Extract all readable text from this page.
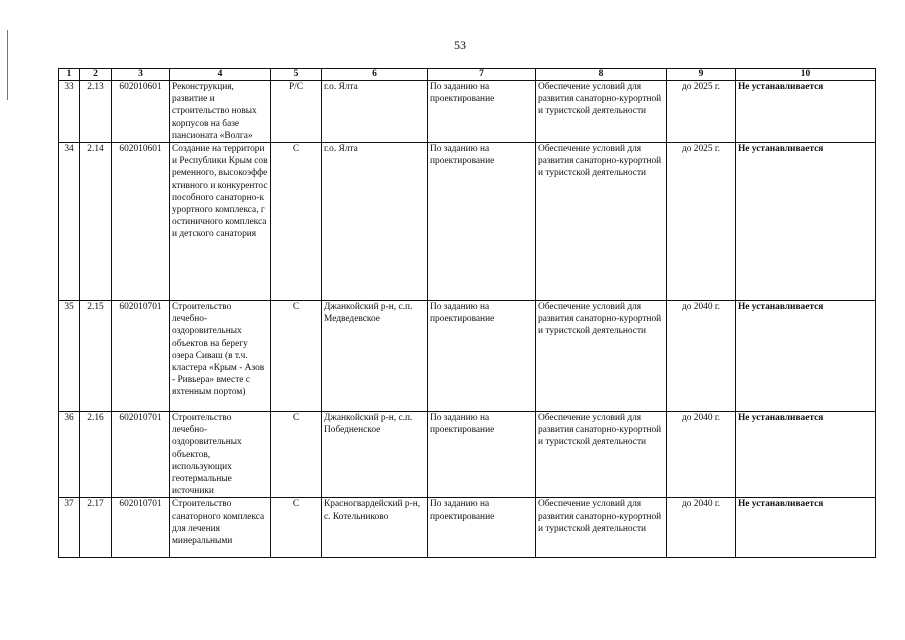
53
1	2	3	4	5	6	7	8	9	10
33	2.13	602010601	Реконструкция, развитие и строительство новых корпусов на базе пансионата «Волга»	Р/С	г.о. Ялта	По заданию на проектирование	Обеспечение условий для развития санаторно-курортной и туристской деятельности	до 2025 г.	Не устанавливается
34	2.14	602010601	Создание на территории Республики Крым современного, высокоэффективного и конкурентоспособного санаторно-курортного комплекса, гостиничного комплекса и детского санатория	С	г.о. Ялта	По заданию на проектирование	Обеспечение условий для развития санаторно-курортной и туристской деятельности	до 2025 г.	Не устанавливается
35	2.15	602010701	Строительство лечебно-оздоровительных объектов на берегу озера Сиваш (в т.ч. кластера «Крым - Азов - Ривьера» вместе с яхтенным портом)	С	Джанкойский р-н, с.п. Медведевское	По заданию на проектирование	Обеспечение условий для развития санаторно-курортной и туристской деятельности	до 2040 г.	Не устанавливается
36	2.16	602010701	Строительство лечебно-оздоровительных объектов, использующих геотермальные источники	С	Джанкойский р-н, с.п. Победненское	По заданию на проектирование	Обеспечение условий для развития санаторно-курортной и туристской деятельности	до 2040 г.	Не устанавливается
37	2.17	602010701	Строительство санаторного комплекса для лечения минеральными	С	Красногвардейский р-н, с. Котельниково	По заданию на проектирование	Обеспечение условий для развития санаторно-курортной и туристской деятельности	до 2040 г.	Не устанавливается
